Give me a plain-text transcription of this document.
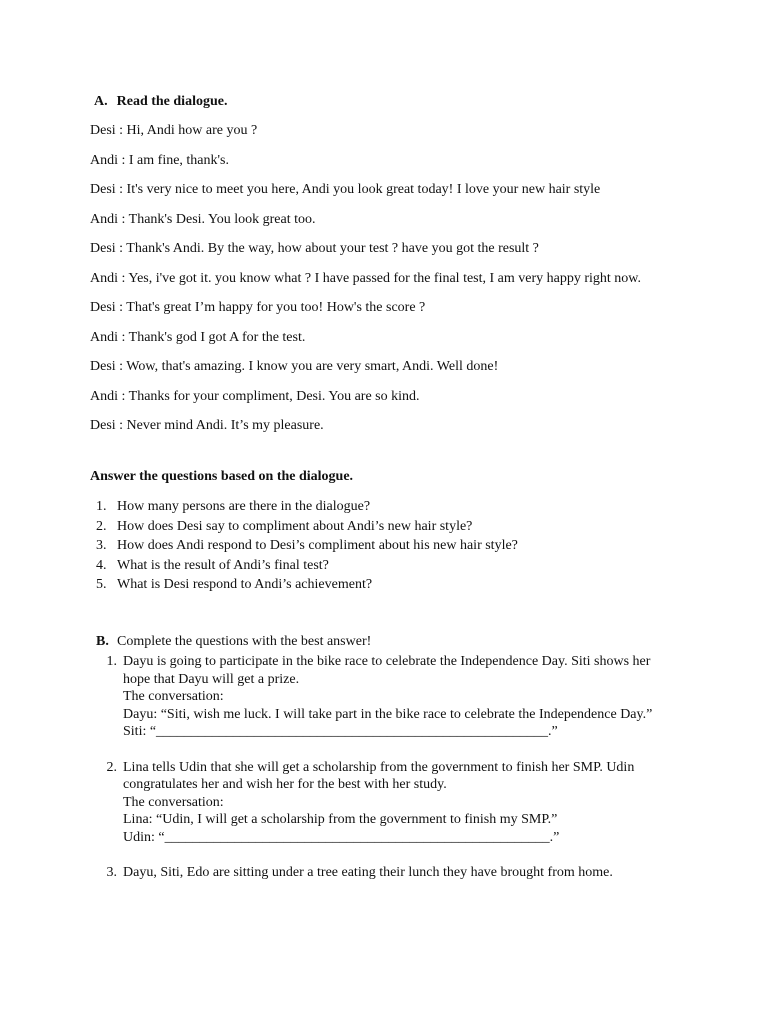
A. Read the dialogue.
Desi : Hi, Andi how are you ?
Andi : I am fine, thank's.
Desi : It's very nice to meet you here, Andi you look great today! I love your new hair style
Andi : Thank's Desi. You look great too.
Desi : Thank's Andi. By the way, how about your test ? have you got the result ?
Andi : Yes, i've got it. you know what ? I have passed for the final test, I am very happy right now.
Desi : That's great I’m happy for you too! How's the score ?
Andi : Thank's god I got A for the test.
Desi : Wow, that's amazing. I know you are very smart, Andi. Well done!
Andi : Thanks for your compliment, Desi. You are so kind.
Desi : Never mind Andi. It’s my pleasure.
Answer the questions based on the dialogue.
1. How many persons are there in the dialogue?
2. How does Desi say to compliment about Andi’s new hair style?
3. How does Andi respond to Desi’s compliment about his new hair style?
4. What is the result of Andi’s final test?
5. What is Desi respond to Andi’s achievement?
B. Complete the questions with the best answer!
1. Dayu is going to participate in the bike race to celebrate the Independence Day. Siti shows her hope that Dayu will get a prize.
The conversation:
Dayu: “Siti, wish me luck. I will take part in the bike race to celebrate the Independence Day.”
Siti: “________________________________________________________.”
2. Lina tells Udin that she will get a scholarship from the government to finish her SMP. Udin congratulates her and wish her for the best with her study.
The conversation:
Lina: “Udin, I will get a scholarship from the government to finish my SMP.”
Udin: “_______________________________________________________.”
3. Dayu, Siti, Edo are sitting under a tree eating their lunch they have brought from home.
